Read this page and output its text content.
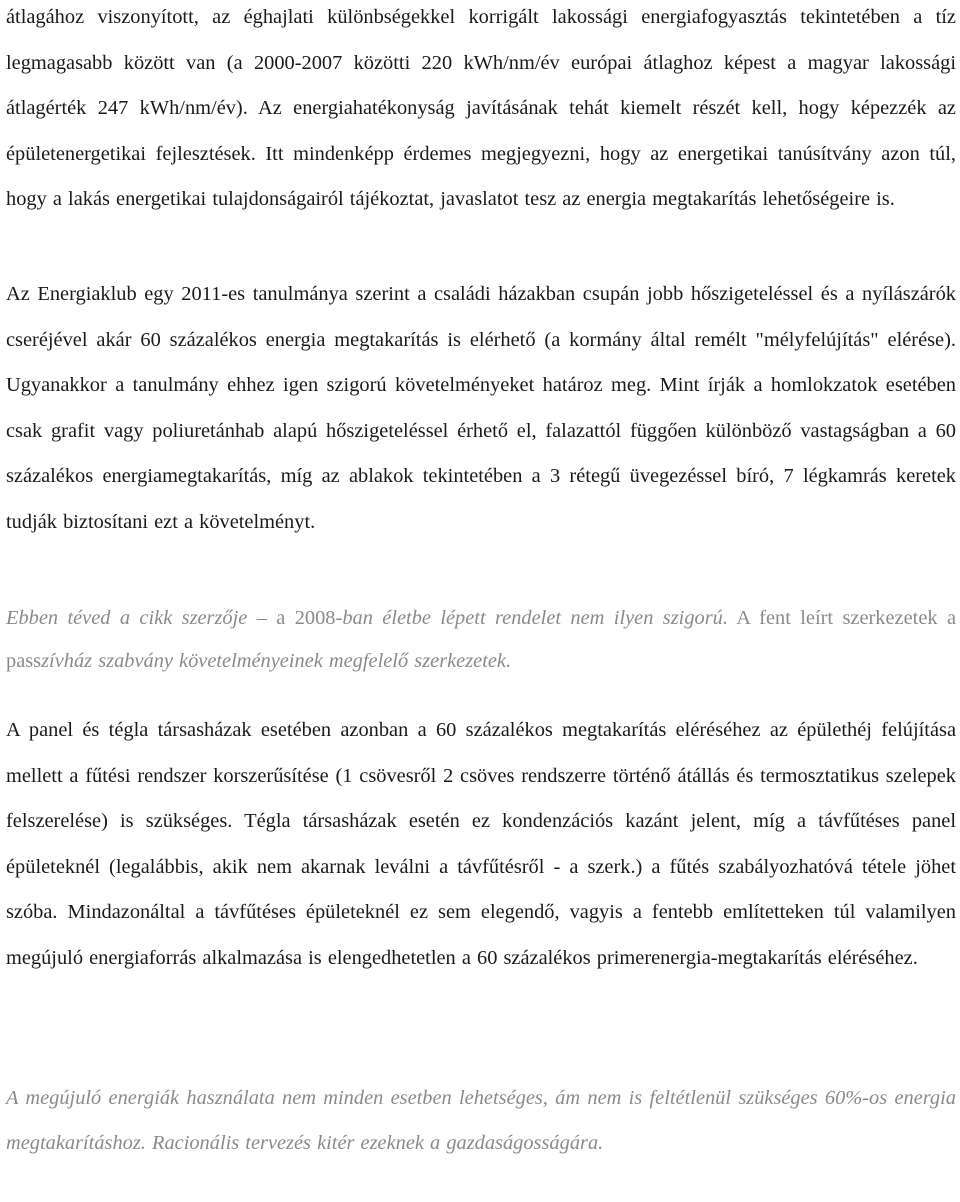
átlagához viszonyított, az éghajlati különbségekkel korrigált lakossági energiafogyasztás tekintetében a tíz legmagasabb között van (a 2000-2007 közötti 220 kWh/nm/év európai átlaghoz képest a magyar lakossági átlagérték 247 kWh/nm/év). Az energiahatékonyság javításának tehát kiemelt részét kell, hogy képezzék az épületenergetikai fejlesztések. Itt mindenképp érdemes megjegyezni, hogy az energetikai tanúsítvány azon túl, hogy a lakás energetikai tulajdonságairól tájékoztat, javaslatot tesz az energia megtakarítás lehetőségeire is.

Az Energiaklub egy 2011-es tanulmánya szerint a családi házakban csupán jobb hőszigeteléssel és a nyílászárók cseréjével akár 60 százalékos energia megtakarítás is elérhető (a kormány által remélt "mélyfelújítás" elérése). Ugyanakkor a tanulmány ehhez igen szigorú követelményeket határoz meg. Mint írják a homlokzatok esetében csak grafit vagy poliuretánhab alapú hőszigeteléssel érhető el, falazattól függően különböző vastagságban a 60 százalékos energiamegtakarítás, míg az ablakok tekintetében a 3 rétegű üvegezéssel bíró, 7 légkamrás keretek tudják biztosítani ezt a követelményt.

Ebben téved a cikk szerzője – a 2008-ban életbe lépett rendelet nem ilyen szigorú. A fent leírt szerkezetek a passzívház szabvány követelményeinek megfelelő szerkezetek.

A panel és tégla társasházak esetében azonban a 60 százalékos megtakarítás eléréséhez az épülethéj felújítása mellett a fűtési rendszer korszerűsítése (1 csövesről 2 csöves rendszerre történő átállás és termosztatikus szelepek felszerelése) is szükséges. Tégla társasházak esetén ez kondenzációs kazánt jelent, míg a távfűtéses panel épületeknél (legalábbis, akik nem akarnak leválni a távfűtésről - a szerk.) a fűtés szabályozhatóvá tétele jöhet szóba. Mindazonáltal a távfűtéses épületeknél ez sem elegendő, vagyis a fentebb említetteken túl valamilyen megújuló energiaforrás alkalmazása is elengedhetetlen a 60 százalékos primerenergia-megtakarítás eléréséhez.

A megújuló energiák használata nem minden esetben lehetséges, ám nem is feltétlenül szükséges 60%-os energia megtakarításhoz. Racionális tervezés kitér ezeknek a gazdaságosságára.
